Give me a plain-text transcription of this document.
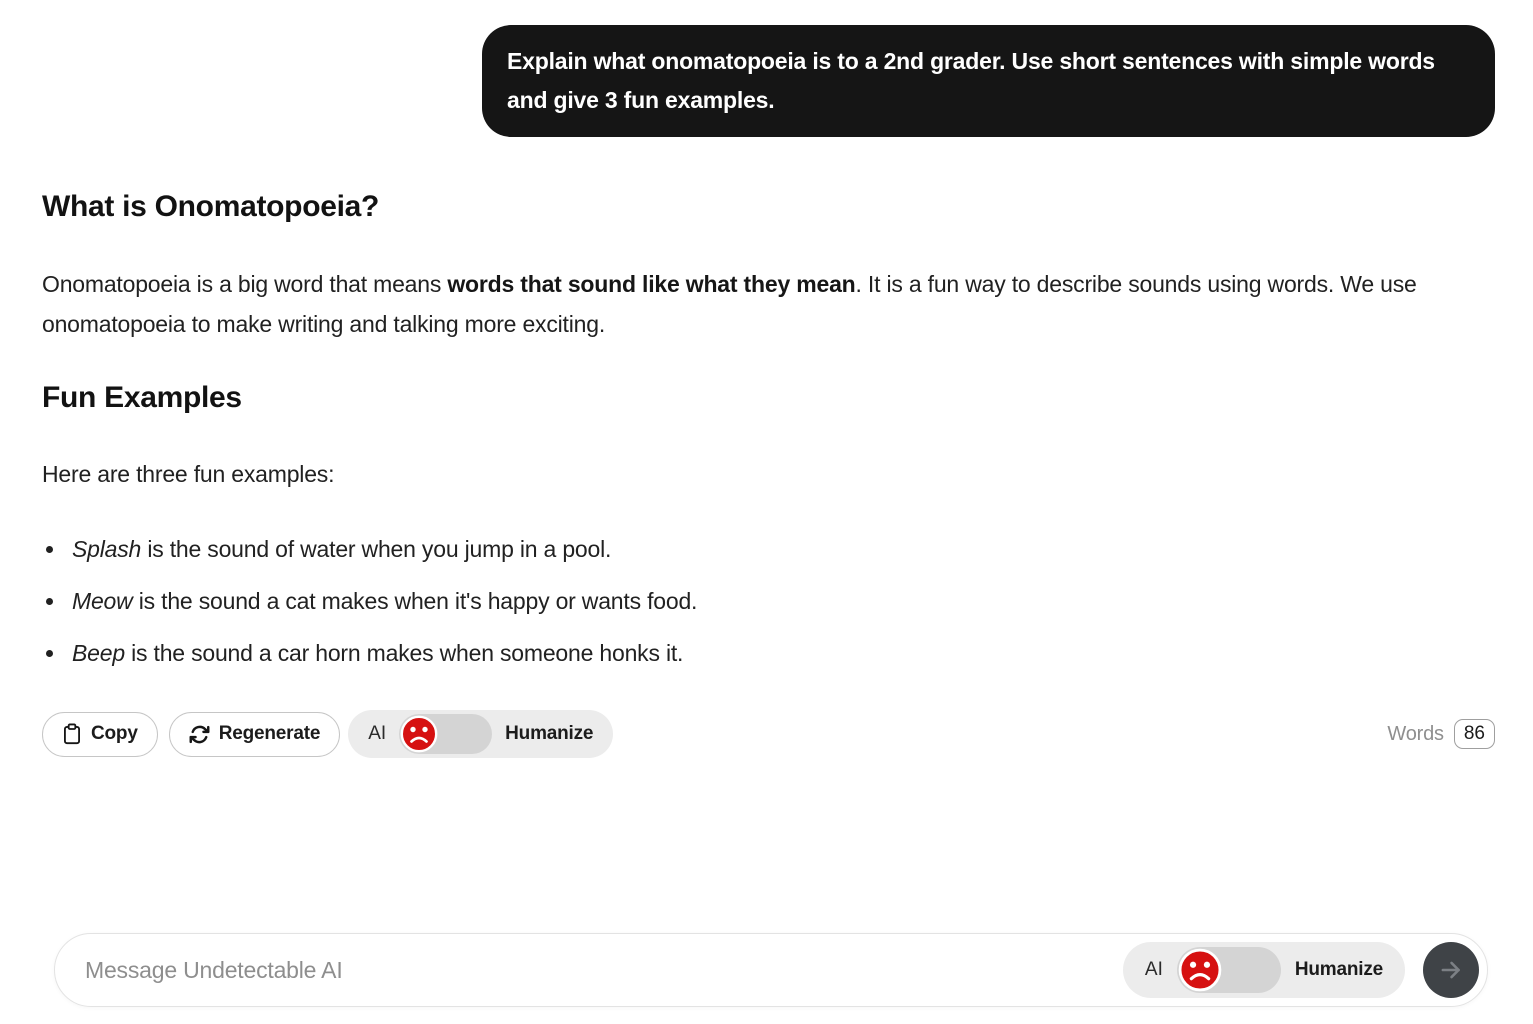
Explain what onomatopoeia is to a 2nd grader. Use short sentences with simple words and give 3 fun examples.
What is Onomatopoeia?
Onomatopoeia is a big word that means words that sound like what they mean. It is a fun way to describe sounds using words. We use onomatopoeia to make writing and talking more exciting.
Fun Examples
Here are three fun examples:
Splash is the sound of water when you jump in a pool.
Meow is the sound a cat makes when it's happy or wants food.
Beep is the sound a car horn makes when someone honks it.
Copy	Regenerate	AI	Humanize	Words	86
Message Undetectable AI
AI	Humanize
